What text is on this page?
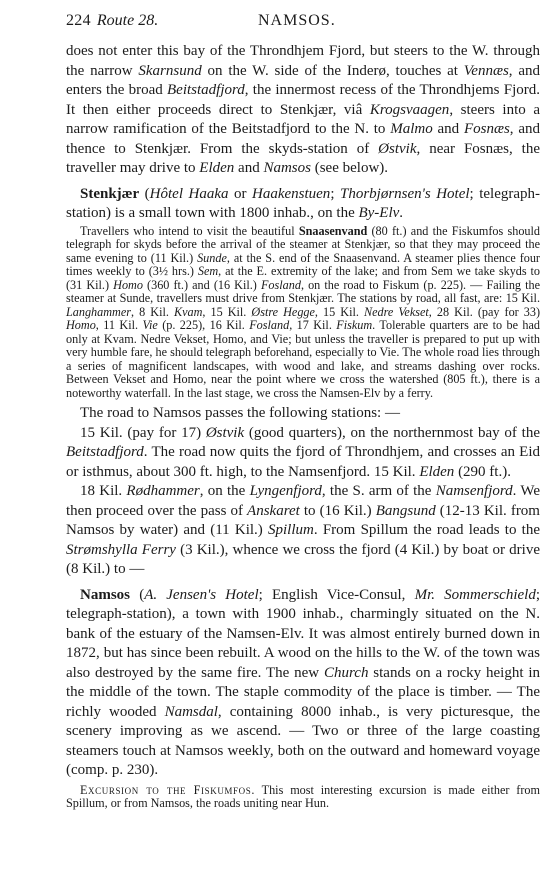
224 Route 28.	NAMSOS.

does not enter this bay of the Throndhjem Fjord, but steers to the W. through the narrow Skarnsund on the W. side of the Inderø, touches at Vennæs, and enters the broad Beitstadfjord, the innermost recess of the Throndhjems Fjord. It then either proceeds direct to Stenkjær, viâ Krogsvaagen, steers into a narrow ramification of the Beitstadfjord to the N. to Malmo and Fosnæs, and thence to Stenkjær. From the skyds-station of Østvik, near Fosnæs, the traveller may drive to Elden and Namsos (see below).

Stenkjær (Hôtel Haaka or Haakenstuen; Thorbjørnsen's Hotel; telegraph-station) is a small town with 1800 inhab., on the By-Elv.

Travellers who intend to visit the beautiful Snaasenvand (80 ft.) and the Fiskumfos should telegraph for skyds before the arrival of the steamer at Stenkjær, so that they may proceed the same evening to (11 Kil.) Sunde, at the S. end of the Snaasenvand. A steamer plies thence four times weekly to (3½ hrs.) Sem, at the E. extremity of the lake; and from Sem we take skyds to (31 Kil.) Homo (360 ft.) and (16 Kil.) Fosland, on the road to Fiskum (p. 225). — Failing the steamer at Sunde, travellers must drive from Stenkjær. The stations by road, all fast, are: 15 Kil. Langhammer, 8 Kil. Kvam, 15 Kil. Østre Hegge, 15 Kil. Nedre Vekset, 28 Kil. (pay for 33) Homo, 11 Kil. Vie (p. 225), 16 Kil. Fosland, 17 Kil. Fiskum. Tolerable quarters are to be had only at Kvam. Nedre Vekset, Homo, and Vie; but unless the traveller is prepared to put up with very humble fare, he should telegraph beforehand, especially to Vie. The whole road lies through a series of magnificent landscapes, with wood and lake, and streams dashing over rocks. Between Vekset and Homo, near the point where we cross the watershed (805 ft.), there is a noteworthy waterfall. In the last stage, we cross the Namsen-Elv by a ferry.

The road to Namsos passes the following stations: —

15 Kil. (pay for 17) Østvik (good quarters), on the northernmost bay of the Beitstadfjord. The road now quits the fjord of Throndhjem, and crosses an Eid or isthmus, about 300 ft. high, to the Namsenfjord. 15 Kil. Elden (290 ft.).

18 Kil. Rødhammer, on the Lyngenfjord, the S. arm of the Namsenfjord. We then proceed over the pass of Anskaret to (16 Kil.) Bangsund (12-13 Kil. from Namsos by water) and (11 Kil.) Spillum. From Spillum the road leads to the Strømshylla Ferry (3 Kil.), whence we cross the fjord (4 Kil.) by boat or drive (8 Kil.) to —

Namsos (A. Jensen's Hotel; English Vice-Consul, Mr. Sommerschield; telegraph-station), a town with 1900 inhab., charmingly situated on the N. bank of the estuary of the Namsen-Elv. It was almost entirely burned down in 1872, but has since been rebuilt. A wood on the hills to the W. of the town was also destroyed by the same fire. The new Church stands on a rocky height in the middle of the town. The staple commodity of the place is timber. — The richly wooded Namsdal, containing 8000 inhab., is very picturesque, the scenery improving as we ascend. — Two or three of the large coasting steamers touch at Namsos weekly, both on the outward and homeward voyage (comp. p. 230).

Excursion to the Fiskumfos. This most interesting excursion is made either from Spillum, or from Namsos, the roads uniting near Hun.
